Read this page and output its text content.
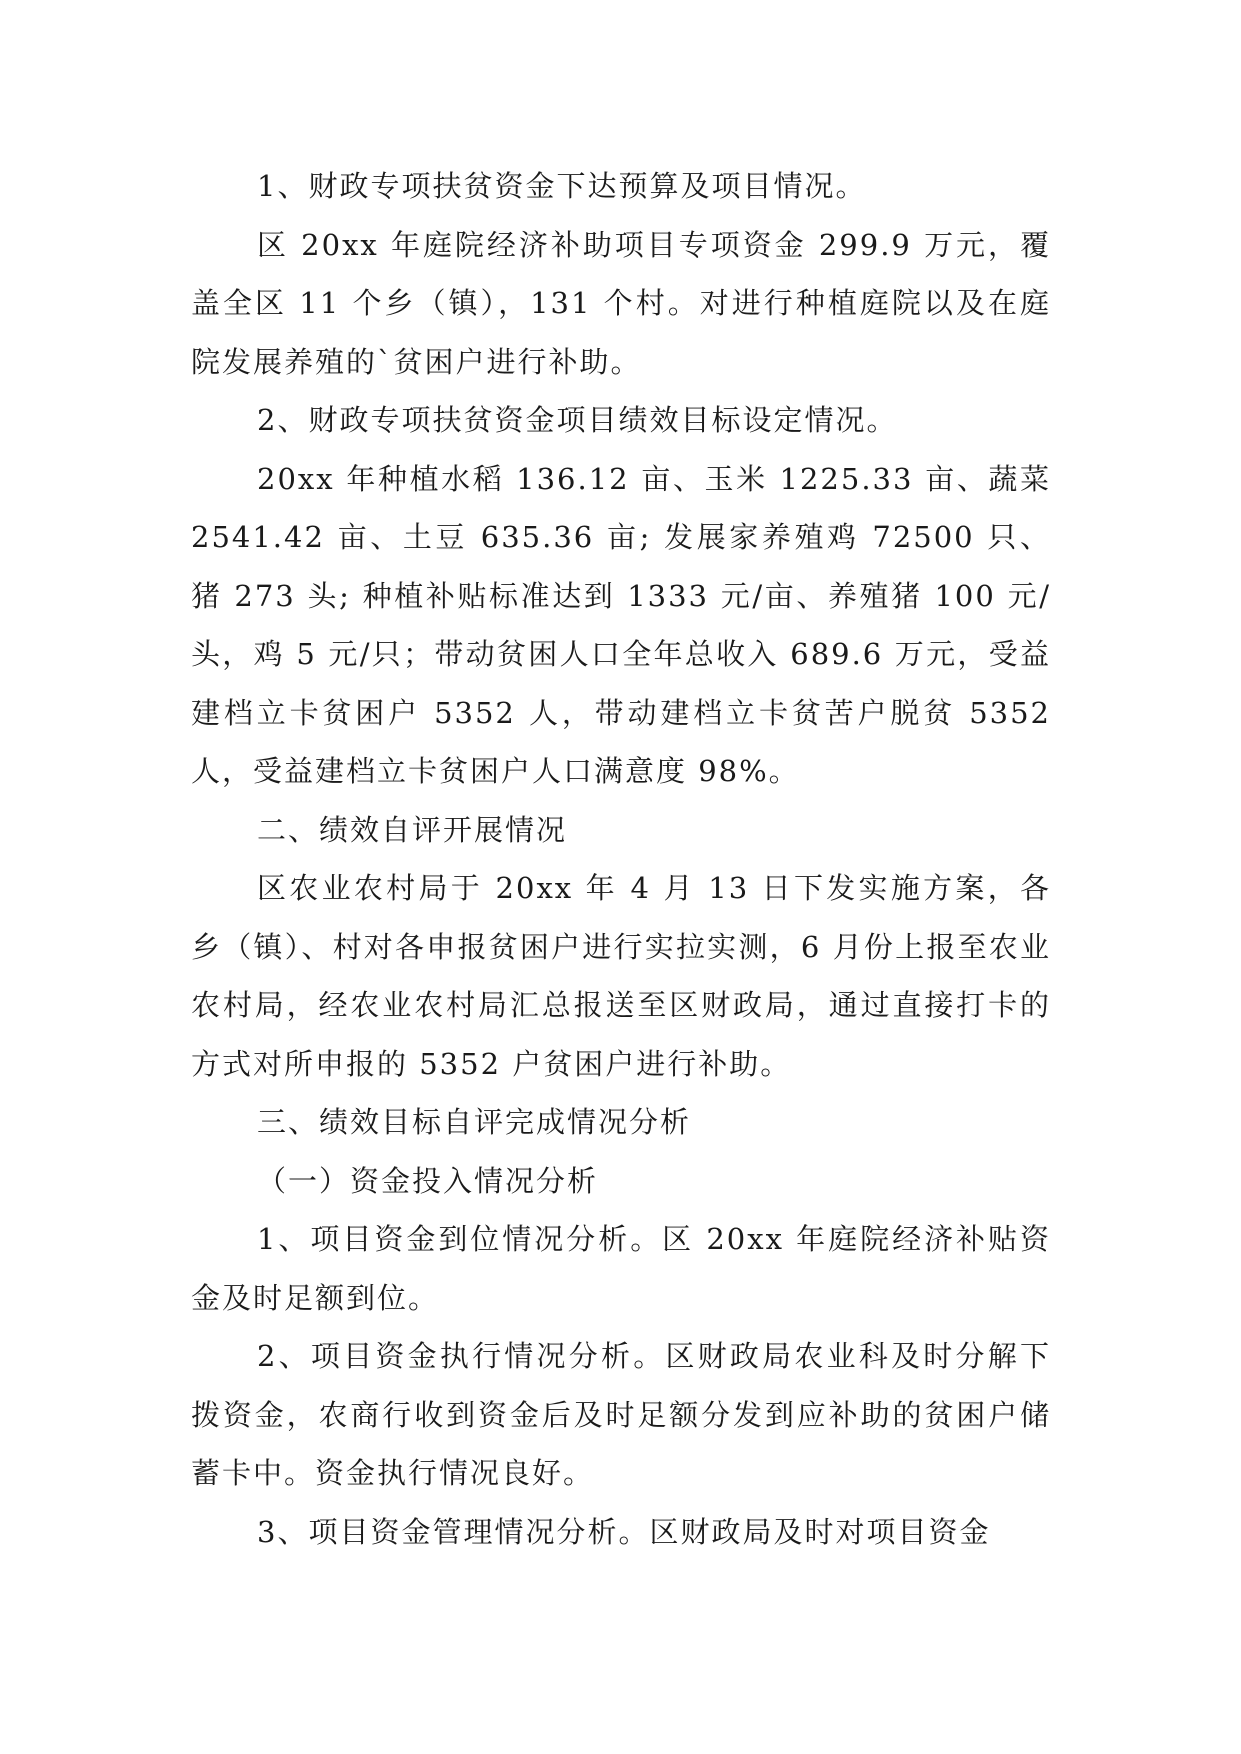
1、财政专项扶贫资金下达预算及项目情况。

区 20xx 年庭院经济补助项目专项资金 299.9 万元，覆盖全区 11 个乡（镇），131 个村。对进行种植庭院以及在庭院发展养殖的`贫困户进行补助。

2、财政专项扶贫资金项目绩效目标设定情况。

20xx 年种植水稻 136.12 亩、玉米 1225.33 亩、蔬菜 2541.42 亩、土豆 635.36 亩; 发展家养殖鸡 72500 只、猪 273 头; 种植补贴标准达到 1333 元/亩、养殖猪 100 元/头，鸡 5 元/只；带动贫困人口全年总收入 689.6 万元，受益建档立卡贫困户 5352 人，带动建档立卡贫苦户脱贫 5352 人，受益建档立卡贫困户人口满意度 98%。

二、绩效自评开展情况

区农业农村局于 20xx 年 4 月 13 日下发实施方案，各乡（镇）、村对各申报贫困户进行实拉实测，6 月份上报至农业农村局，经农业农村局汇总报送至区财政局，通过直接打卡的方式对所申报的 5352 户贫困户进行补助。

三、绩效目标自评完成情况分析

（一）资金投入情况分析

1、项目资金到位情况分析。区 20xx 年庭院经济补贴资金及时足额到位。

2、项目资金执行情况分析。区财政局农业科及时分解下拨资金，农商行收到资金后及时足额分发到应补助的贫困户储蓄卡中。资金执行情况良好。

3、项目资金管理情况分析。区财政局及时对项目资金
